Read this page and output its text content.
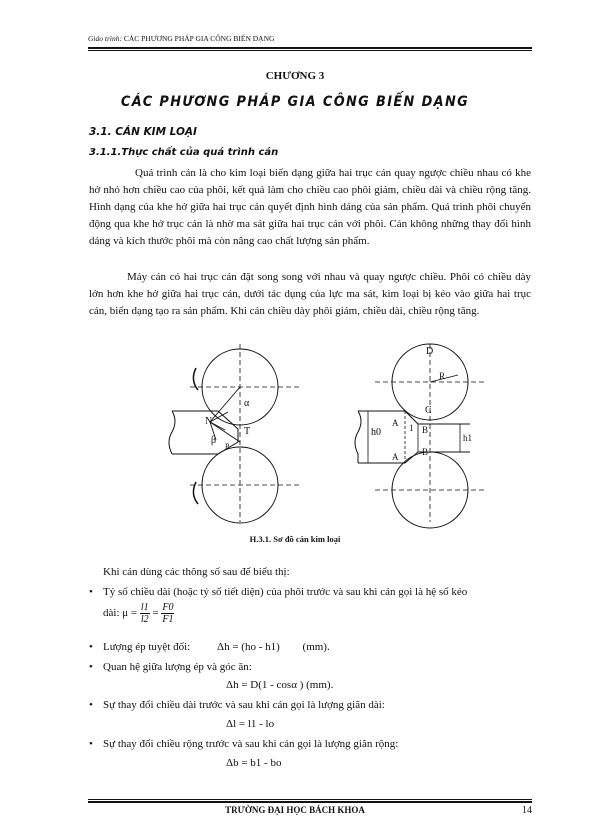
Giáo trình: CÁC PHƯƠNG PHÁP GIA CÔNG BIẾN DẠNG
CHƯƠNG 3
CÁC PHƯƠNG PHÁP GIA CÔNG BIẾN DẠNG
3.1. CÁN KIM LOẠI
3.1.1.Thực chất của quá trình cán

Quá trình cán là cho kim loại biến dạng giữa hai trục cán quay ngược chiều nhau có khe hở nhỏ hơn chiều cao của phôi, kết quả làm cho chiều cao phôi giảm, chiều dài và chiều rộng tăng. Hình dạng của khe hở giữa hai trục cán quyết định hình dáng của sản phẩm. Quá trình phôi chuyển động qua khe hở trục cán là nhờ ma sát giữa hai trục cán với phôi. Cán không những thay đổi hình dáng và kích thước phôi mà còn nâng cao chất lượng sản phẩm.

Máy cán có hai trục cán đặt song song với nhau và quay ngược chiều. Phôi có chiều dày lớn hơn khe hở giữa hai trục cán, dưới tác dụng của lực ma sát, kim loại bị kéo vào giữa hai trục cán, biến dạng tạo ra sản phẩm. Khi cán chiều dày phôi giảm, chiều dài, chiều rộng tăng.

α
N
T
β
P
D
R
C
A 1 B
h0	h1
A	B
H.3.1. Sơ đồ cán kim loại
Khi cán dùng các thông số sau để biểu thị:
• Tỷ số chiều dài (hoặc tỷ số tiết diện) của phôi trước và sau khi cán gọi là hệ số kéo
dài: $\mu = \frac{l1}{l2} = \frac{F0}{F1}$
• Lượng ép tuyệt đối: Δh = (ho - h1) (mm).
• Quan hệ giữa lượng ép và góc ăn:
Δh = D(1 - cosα ) (mm).
• Sự thay đổi chiều dài trước và sau khi cán gọi là lượng giãn dài:
Δl = l1 - lo
• Sự thay đổi chiều rộng trước và sau khi cán gọi là lượng giãn rộng:
Δb = b1 - bo
TRƯỜNG ĐẠI HỌC BÁCH KHOA	14
